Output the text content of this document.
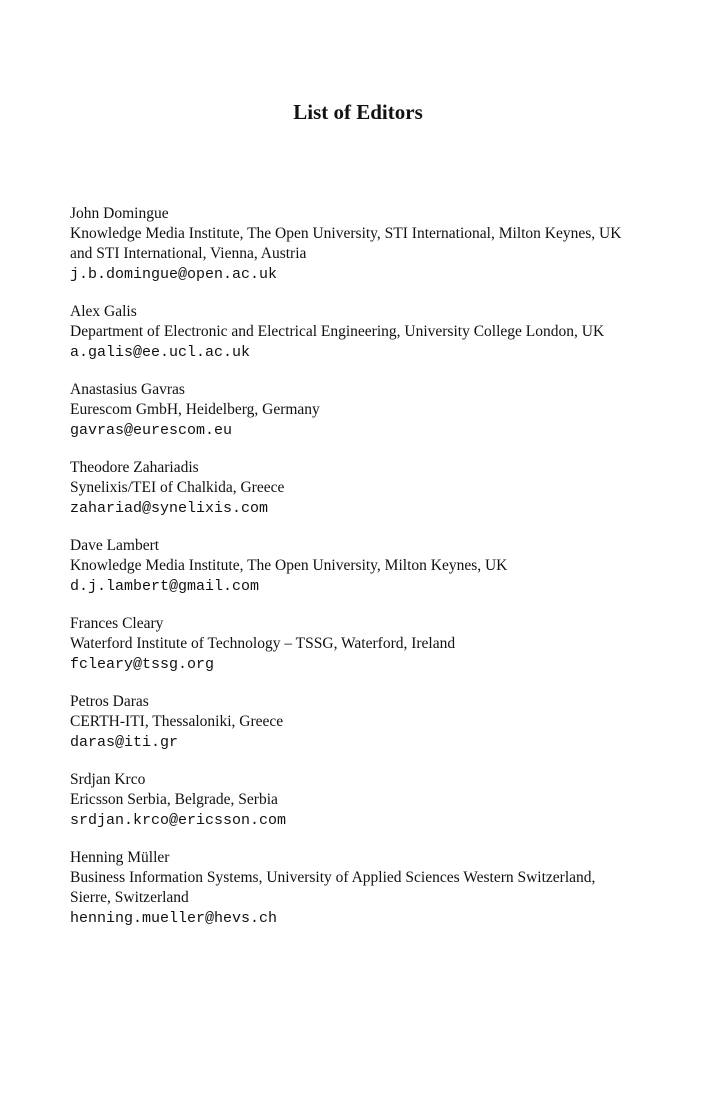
List of Editors
John Domingue
Knowledge Media Institute, The Open University, STI International, Milton Keynes, UK
and STI International, Vienna, Austria
j.b.domingue@open.ac.uk
Alex Galis
Department of Electronic and Electrical Engineering, University College London, UK
a.galis@ee.ucl.ac.uk
Anastasius Gavras
Eurescom GmbH, Heidelberg, Germany
gavras@eurescom.eu
Theodore Zahariadis
Synelixis/TEI of Chalkida, Greece
zahariad@synelixis.com
Dave Lambert
Knowledge Media Institute, The Open University, Milton Keynes, UK
d.j.lambert@gmail.com
Frances Cleary
Waterford Institute of Technology – TSSG, Waterford, Ireland
fcleary@tssg.org
Petros Daras
CERTH-ITI, Thessaloniki, Greece
daras@iti.gr
Srdjan Krco
Ericsson Serbia, Belgrade, Serbia
srdjan.krco@ericsson.com
Henning Müller
Business Information Systems, University of Applied Sciences Western Switzerland,
Sierre, Switzerland
henning.mueller@hevs.ch
